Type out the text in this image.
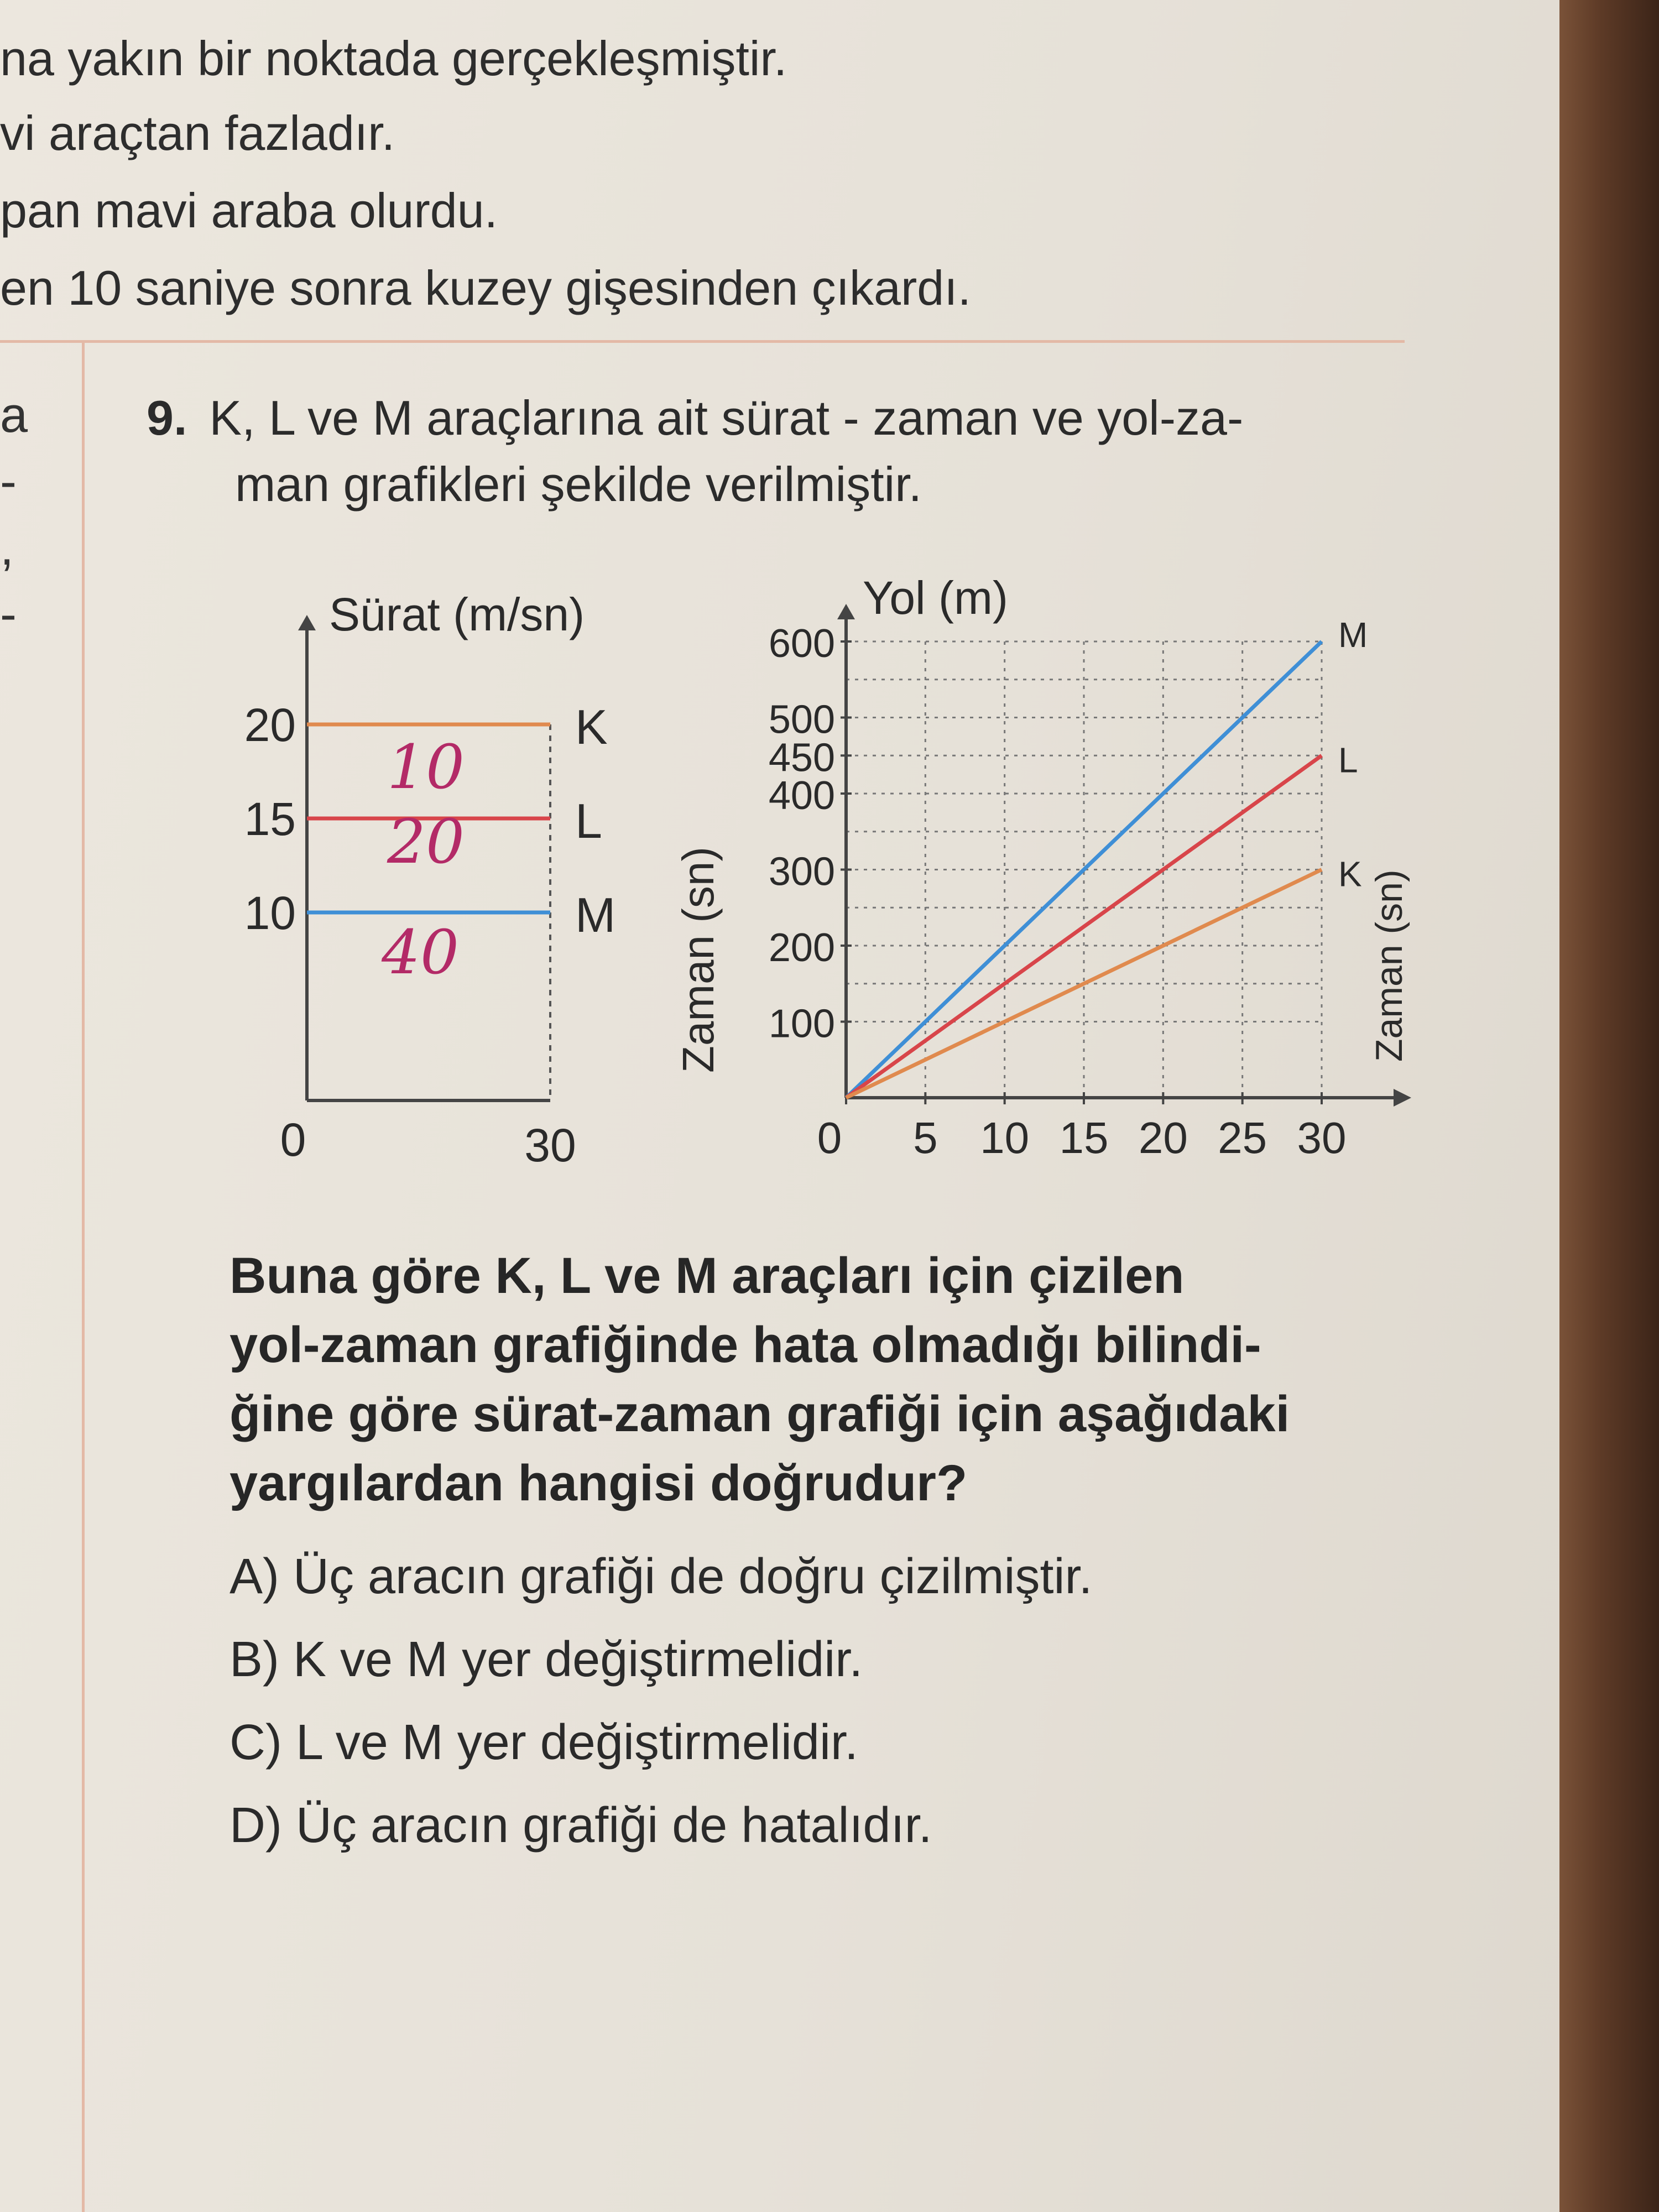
na yakın bir noktada gerçekleşmiştir.
vi araçtan fazladır.
pan mavi araba olurdu.
en 10 saniye sonra kuzey gişesinden çıkardı.
a
-
,
-
9. K, L ve M araçlarına ait sürat - zaman ve yol-za-
man grafikleri şekilde verilmiştir.
Sürat (m/sn)
20
15
10
0	30
K
L
M
Yol (m)
600
500
450
400
300
200
100
0 5 10 15 20 25 30
M
L
K Zaman (sn)
Zaman (sn)
10
20
40
Buna göre K, L ve M araçları için çizilen
yol-zaman grafiğinde hata olmadığı bilindi-
ğine göre sürat-zaman grafiği için aşağıdaki
yargılardan hangisi doğrudur?
A) Üç aracın grafiği de doğru çizilmiştir.
B) K ve M yer değiştirmelidir.
C) L ve M yer değiştirmelidir.
D) Üç aracın grafiği de hatalıdır.
